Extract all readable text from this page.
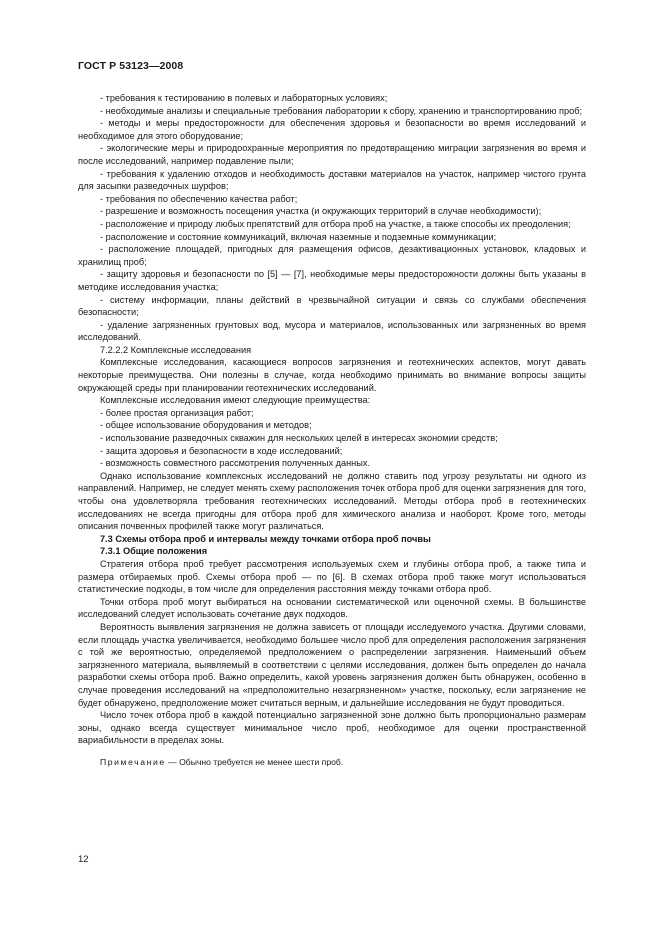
ГОСТ Р 53123—2008

- требования к тестированию в полевых и лабораторных условиях;

- необходимые анализы и специальные требования лаборатории к сбору, хранению и транспортированию проб;

- методы и меры предосторожности для обеспечения здоровья и безопасности во время исследований и необходимое для этого оборудование;

- экологические меры и природоохранные мероприятия по предотвращению миграции загрязнения во время и после исследований, например подавление пыли;

- требования к удалению отходов и необходимость доставки материалов на участок, например чистого грунта для засыпки разведочных шурфов;

- требования по обеспечению качества работ;

- разрешение и возможность посещения участка (и окружающих территорий в случае необходимости);

- расположение и природу любых препятствий для отбора проб на участке, а также способы их преодоления;

- расположение и состояние коммуникаций, включая наземные и подземные коммуникации;

- расположение площадей, пригодных для размещения офисов, дезактивационных установок, кладовых и хранилищ проб;

- защиту здоровья и безопасности по [5] — [7], необходимые меры предосторожности должны быть указаны в методике исследования участка;

- систему информации, планы действий в чрезвычайной ситуации и связь со службами обеспечения безопасности;

- удаление загрязненных грунтовых вод, мусора и материалов, использованных или загрязненных во время исследований.

7.2.2.2 Комплексные исследования

Комплексные исследования, касающиеся вопросов загрязнения и геотехнических аспектов, могут давать некоторые преимущества. Они полезны в случае, когда необходимо принимать во внимание вопросы защиты окружающей среды при планировании геотехнических исследований.

Комплексные исследования имеют следующие преимущества:

- более простая организация работ;

- общее использование оборудования и методов;

- использование разведочных скважин для нескольких целей в интересах экономии средств;

- защита здоровья и безопасности в ходе исследований;

- возможность совместного рассмотрения полученных данных.

Однако использование комплексных исследований не должно ставить под угрозу результаты ни одного из направлений. Например, не следует менять схему расположения точек отбора проб для оценки загрязнения для того, чтобы она удовлетворяла требования геотехнических исследований. Методы отбора проб в геотехнических исследованиях не всегда пригодны для отбора проб для химического анализа и наоборот. Кроме того, методы описания почвенных профилей также могут различаться.

7.3 Схемы отбора проб и интервалы между точками отбора проб почвы

7.3.1 Общие положения

Стратегия отбора проб требует рассмотрения используемых схем и глубины отбора проб, а также типа и размера отбираемых проб. Схемы отбора проб — по [6]. В схемах отбора проб также могут использоваться статистические подходы, в том числе для определения расстояния между точками отбора проб.

Точки отбора проб могут выбираться на основании систематической или оценочной схемы. В большинстве исследований следует использовать сочетание двух подходов.

Вероятность выявления загрязнения не должна зависеть от площади исследуемого участка. Другими словами, если площадь участка увеличивается, необходимо большее число проб для определения расположения загрязнения с той же вероятностью, определяемой предположением о распределении загрязнения. Наименьший объем загрязненного материала, выявляемый в соответствии с целями исследования, должен быть определен до начала разработки схемы отбора проб. Важно определить, какой уровень загрязнения должен быть обнаружен, особенно в случае проведения исследований на «предположительно незагрязненном» участке, поскольку, если загрязнение не будет обнаружено, предположение может считаться верным, и дальнейшие исследования не будут проводиться.

Число точек отбора проб в каждой потенциально загрязненной зоне должно быть пропорционально размерам зоны, однако всегда существует минимальное число проб, необходимое для оценки пространственной вариабильности в пределах зоны.

Примечание — Обычно требуется не менее шести проб.

12
